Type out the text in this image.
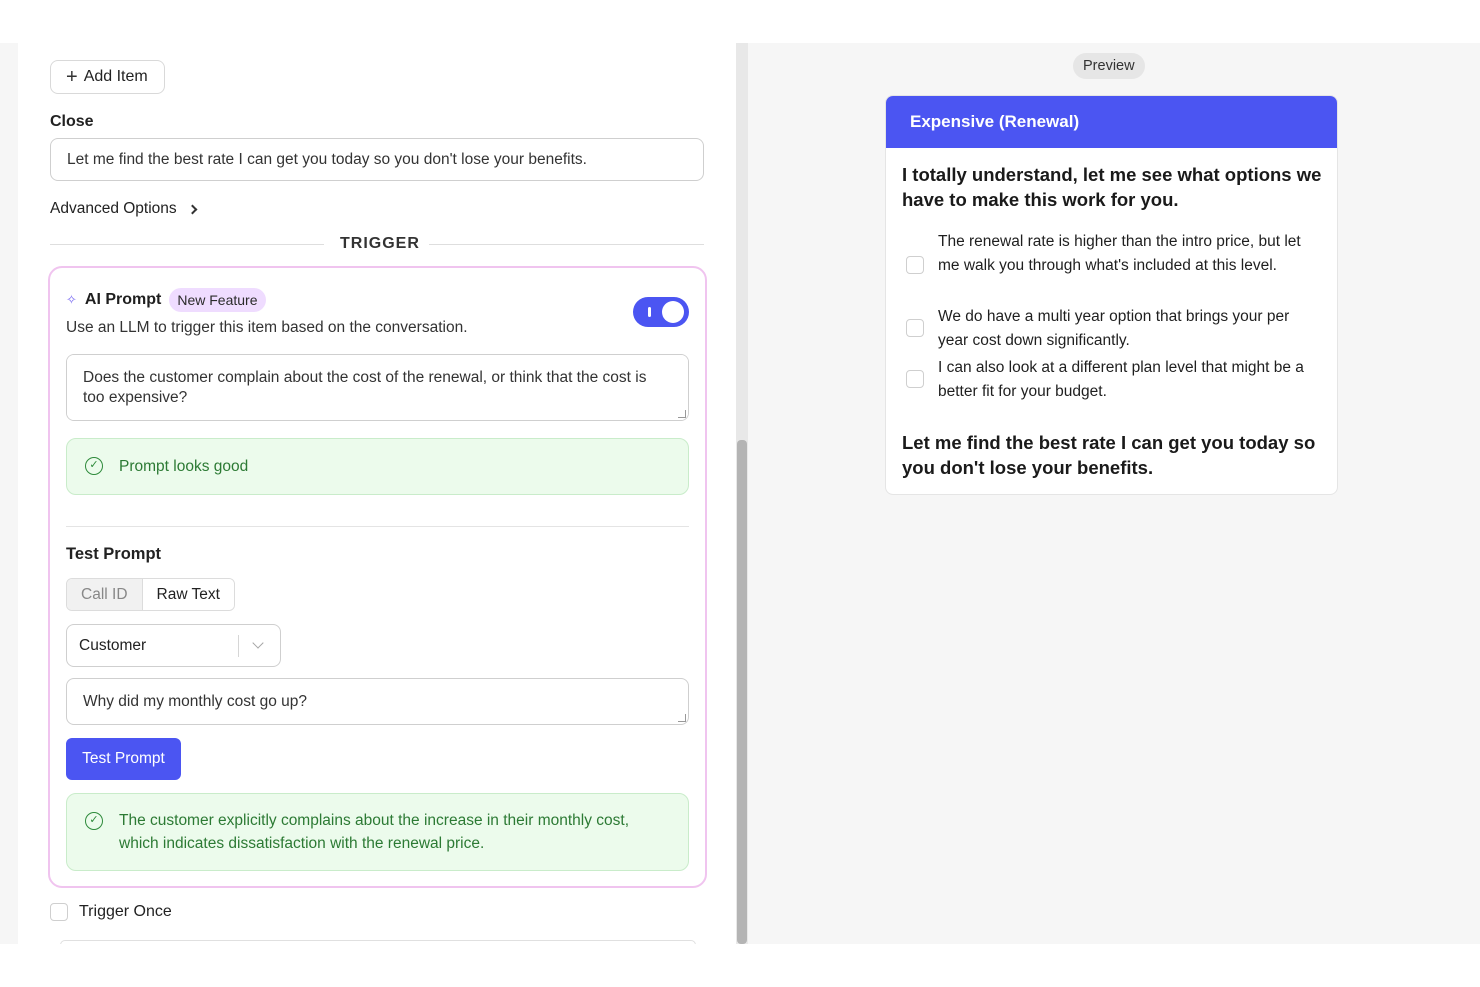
+ Add Item
Close
Let me find the best rate I can get you today so you don't lose your benefits.
Advanced Options
TRIGGER
✧ AI Prompt	New Feature
Use an LLM to trigger this item based on the conversation.
Does the customer complain about the cost of the renewal, or think that the cost is too expensive?
✓ Prompt looks good
Test Prompt
Call ID	Raw Text
Customer
Why did my monthly cost go up?
Test Prompt
✓ The customer explicitly complains about the increase in their monthly cost, which indicates dissatisfaction with the renewal price.
Trigger Once
Preview
Expensive (Renewal)
I totally understand, let me see what options we have to make this work for you.
The renewal rate is higher than the intro price, but let me walk you through what's included at this level.
We do have a multi year option that brings your per year cost down significantly.
I can also look at a different plan level that might be a better fit for your budget.
Let me find the best rate I can get you today so you don't lose your benefits.
